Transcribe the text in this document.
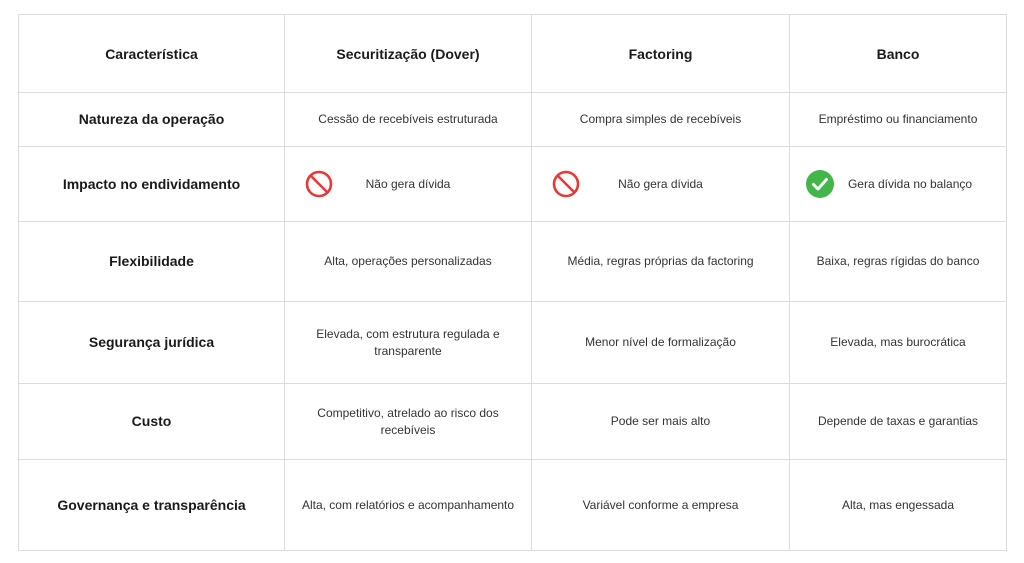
Característica	Securitização (Dover)	Factoring	Banco
Natureza da operação	Cessão de recebíveis estruturada	Compra simples de recebíveis	Empréstimo ou financiamento
Impacto no endividamento	Não gera dívida	Não gera dívida	Gera dívida no balanço
Flexibilidade	Alta, operações personalizadas	Média, regras próprias da factoring	Baixa, regras rígidas do banco
Segurança jurídica	Elevada, com estrutura regulada e transparente	Menor nível de formalização	Elevada, mas burocrática
Custo	Competitivo, atrelado ao risco dos recebíveis	Pode ser mais alto	Depende de taxas e garantias
Governança e transparência	Alta, com relatórios e acompanhamento	Variável conforme a empresa	Alta, mas engessada
